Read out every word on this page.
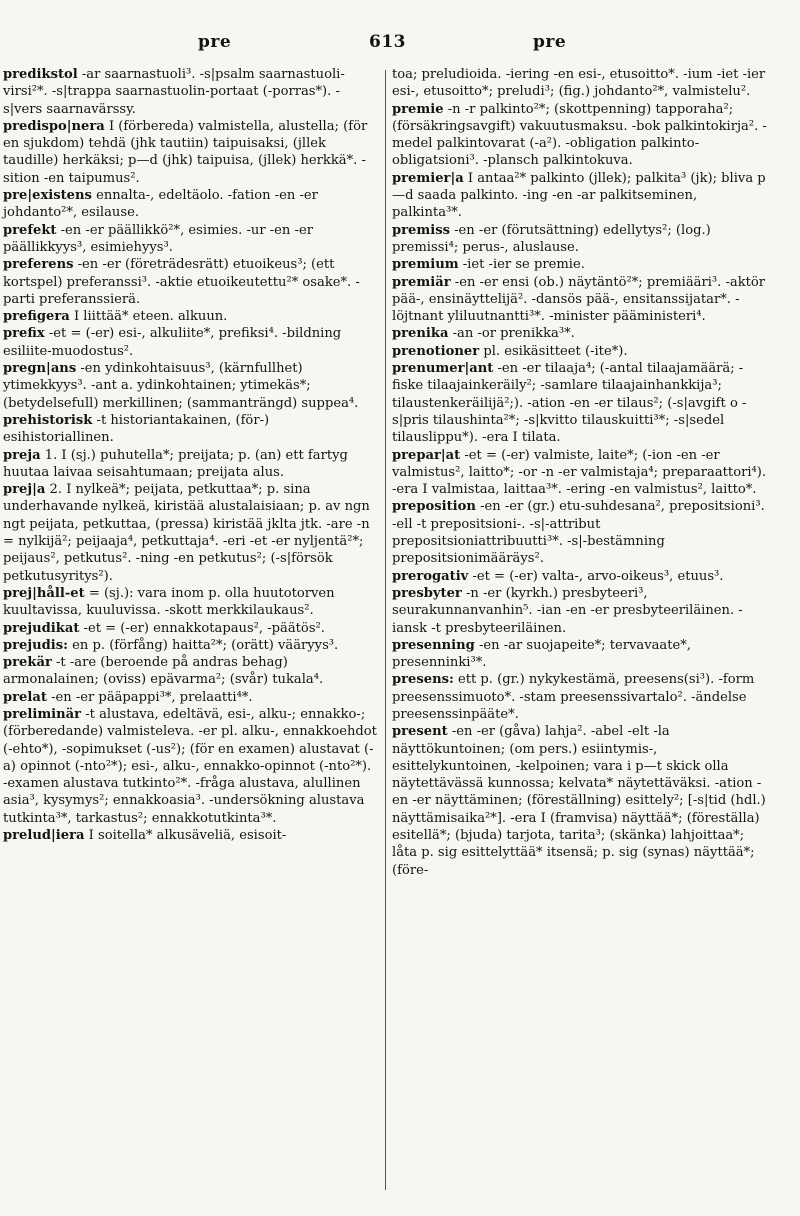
pre	613	pre

predikstol -ar saarnastuoli³. -s|psalm saarnastuoli-virsi²*. -s|trappa saarnastuolin-portaat (-porras*). -s|vers saarnavärssy.

predispo|nera I (förbereda) valmistella, alustella; (för en sjukdom) tehdä (jhk tautiin) taipuisaksi, (jllek taudille) herkäksi; p—d (jhk) taipuisa, (jllek) herkkä*. -sition -en taipumus².

pre|existens ennalta-, edeltäolo. -fation -en -er johdanto²*, esilause.

prefekt -en -er päällikkö²*, esimies. -ur -en -er päällikkyys³, esimiehyys³.

preferens -en -er (företrädesrätt) etuoikeus³; (ett kortspel) preferanssi³. -aktie etuoikeutettu²* osake*. -parti preferanssierä.

prefigera I liittää* eteen. alkuun.

prefix -et = (-er) esi-, alkuliite*, prefiksi⁴. -bildning esiliite-muodostus².

pregn|ans -en ydinkohtaisuus³, (kärnfullhet) ytimekkyys³. -ant a. ydinkohtainen; ytimekäs*; (betydelsefull) merkillinen; (sammanträngd) suppea⁴.

prehistorisk -t historiantakainen, (för-) esihistoriallinen.

preja 1. I (sj.) puhutella*; preijata; p. (an) ett fartyg huutaa laivaa seisahtumaan; preijata alus.

prej|a 2. I nylkeä*; peijata, petkuttaa*; p. sina underhavande nylkeä, kiristää alustalaisiaan; p. av ngn ngt peijata, petkuttaa, (pressa) kiristää jklta jtk. -are -n = nylkijä²; peijaaja⁴, petkuttaja⁴. -eri -et -er nyljentä²*; peijaus², petkutus². -ning -en petkutus²; (-s|försök petkutusyritys²).

prej|håll-et = (sj.): vara inom p. olla huutotorven kuultavissa, kuuluvissa. -skott merkkilaukaus².

prejudikat -et = (-er) ennakkotapaus², -päätös².

prejudis: en p. (förfång) haitta²*; (orätt) vääryys³.

prekär -t -are (beroende på andras behag) armonalainen; (oviss) epävarma²; (svår) tukala⁴.

prelat -en -er pääpappi³*, prelaatti⁴*.

preliminär -t alustava, edeltävä, esi-, alku-; ennakko-; (förberedande) valmisteleva. -er pl. alku-, ennakkoehdot (-ehto*), -sopimukset (-us²); (för en examen) alustavat (-a) opinnot (-nto²*); esi-, alku-, ennakko-opinnot (-nto²*). -examen alustava tutkinto²*. -fråga alustava, alullinen asia³, kysymys²; ennakkoasia³. -undersökning alustava tutkinta³*, tarkastus²; ennakkotutkinta³*.

prelud|iera I soitella* alkusäveliä, esisoit-

toa; preludioida. -iering -en esi-, etusoitto*. -ium -iet -ier esi-, etusoitto*; preludi³; (fig.) johdanto²*, valmistelu².

premie -n -r palkinto²*; (skottpenning) tapporaha²; (försäkringsavgift) vakuutusmaksu. -bok palkintokirja². -medel palkintovarat (-a²). -obligation palkinto-obligatsioni³. -plansch palkintokuva.

premier|a I antaa²* palkinto (jllek); palkita³ (jk); bliva p—d saada palkinto. -ing -en -ar palkitseminen, palkinta³*.

premiss -en -er (förutsättning) edellytys²; (log.) premissi⁴; perus-, aluslause.

premium -iet -ier se premie.

premiär -en -er ensi (ob.) näytäntö²*; premiääri³. -aktör pää-, ensinäyttelijä². -dansös pää-, ensitanssijatar*. -löjtnant yliluutnantti³*. -minister pääministeri⁴.

prenika -an -or prenikka³*.

prenotioner pl. esikäsitteet (-ite*).

prenumer|ant -en -er tilaaja⁴; (-antal tilaajamäärä; -fiske tilaajainkeräily²; -samlare tilaajainhankkija³; tilaustenkeräilijä²;). -ation -en -er tilaus²; (-s|avgift o -s|pris tilaushinta²*; -s|kvitto tilauskuitti³*; -s|sedel tilauslippu*). -era I tilata.

prepar|at -et = (-er) valmiste, laite*; (-ion -en -er valmistus², laitto*; -or -n -er valmistaja⁴; preparaattori⁴). -era I valmistaa, laittaa³*. -ering -en valmistus², laitto*.

preposition -en -er (gr.) etu-suhdesana², prepositsioni³. -ell -t prepositsioni-. -s|-attribut prepositsioniattribuutti³*. -s|-bestämning prepositsionimääräys².

prerogativ -et = (-er) valta-, arvo-oikeus³, etuus³.

presbyter -n -er (kyrkh.) presbyteeri³, seurakunnanvanhin⁵. -ian -en -er presbyteeriläinen. -iansk -t presbyteeriläinen.

presenning -en -ar suojapeite*; tervavaate*, presenninki³*.

presens: ett p. (gr.) nykykestämä, preesens(si³). -form preesenssimuoto*. -stam preesenssivartalo². -ändelse preesenssinpääte*.

present -en -er (gåva) lahja². -abel -elt -la näyttökuntoinen; (om pers.) esiintymis-, esittelykuntoinen, -kelpoinen; vara i p—t skick olla näytettävässä kunnossa; kelvata* näytettäväksi. -ation -en -er näyttäminen; (föreställning) esittely²; [-s|tid (hdl.) näyttämisaika²*]. -era I (framvisa) näyttää*; (föreställa) esitellä*; (bjuda) tarjota, tarita³; (skänka) lahjoittaa*; låta p. sig esittelyttää* itsensä; p. sig (synas) näyttää*; (före-
